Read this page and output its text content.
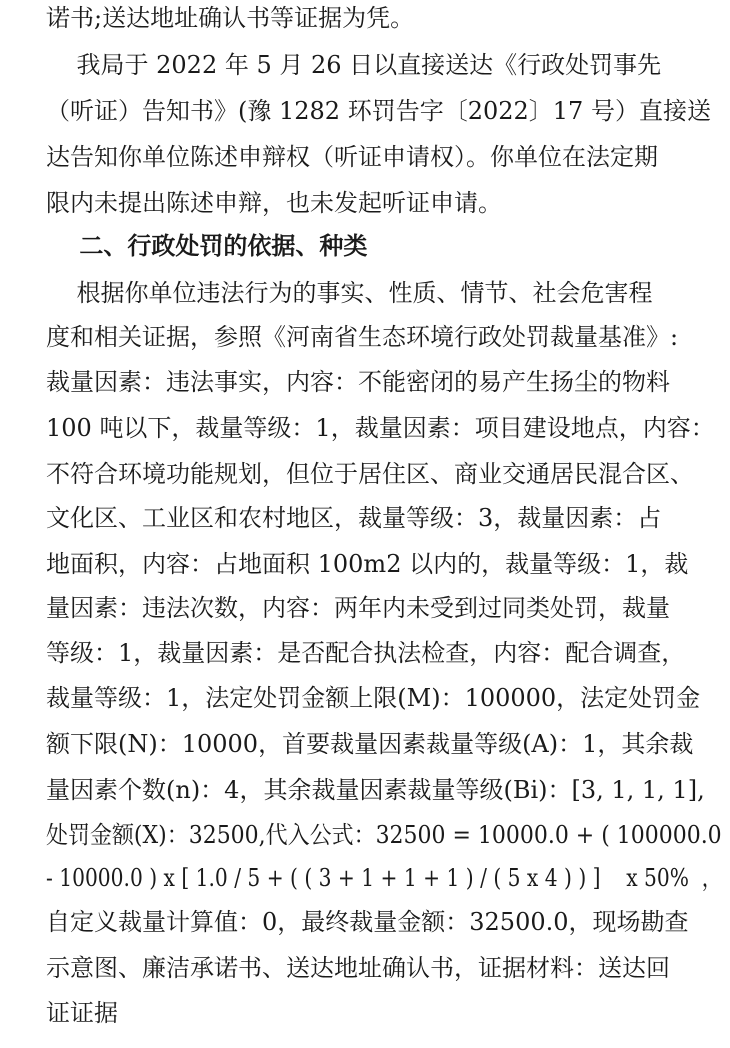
诺书;送达地址确认书等证据为凭。
我局于 2022 年 5 月 26 日以直接送达《行政处罚事先
（听证）告知书》(豫 1282 环罚告字〔2022〕17 号）直接送
达告知你单位陈述申辩权（听证申请权）。你单位在法定期
限内未提出陈述申辩，也未发起听证申请。
二、行政处罚的依据、种类
根据你单位违法行为的事实、性质、情节、社会危害程
度和相关证据，参照《河南省生态环境行政处罚裁量基准》:
裁量因素：违法事实，内容：不能密闭的易产生扬尘的物料
100 吨以下，裁量等级：1，裁量因素：项目建设地点，内容：
不符合环境功能规划，但位于居住区、商业交通居民混合区、
文化区、工业区和农村地区，裁量等级：3，裁量因素：占
地面积，内容：占地面积 100m2 以内的，裁量等级：1，裁
量因素：违法次数，内容：两年内未受到过同类处罚，裁量
等级：1，裁量因素：是否配合执法检查，内容：配合调查，
裁量等级：1，法定处罚金额上限(M)：100000，法定处罚金
额下限(N)：10000，首要裁量因素裁量等级(A)：1，其余裁
量因素个数(n)：4，其余裁量因素裁量等级(Bi)：[3, 1, 1, 1],
处罚金额(X)：32500,代入公式：32500 = 10000.0 + ( 100000.0
- 10000.0 ) x [ 1.0 / 5 + ( ( 3 + 1 + 1 + 1 ) / ( 5 x 4 ) ) ]    x 50%  ，
自定义裁量计算值：0，最终裁量金额：32500.0，现场勘查
示意图、廉洁承诺书、送达地址确认书，证据材料：送达回
证证据
